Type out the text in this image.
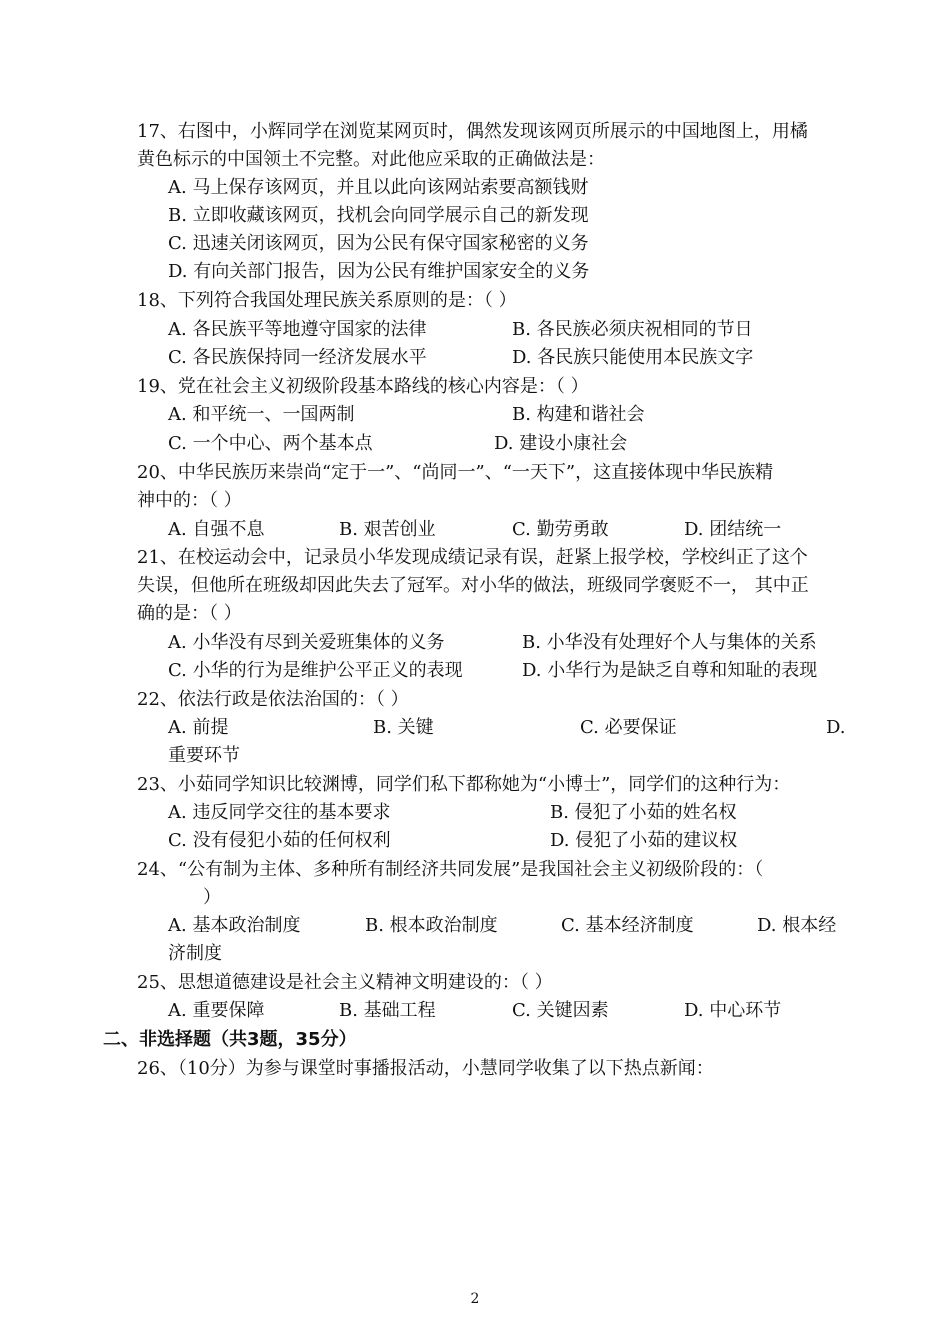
17、右图中，小辉同学在浏览某网页时，偶然发现该网页所展示的中国地图上，用橘
黄色标示的中国领土不完整。对此他应采取的正确做法是：
A. 马上保存该网页，并且以此向该网站索要高额钱财
B. 立即收藏该网页，找机会向同学展示自己的新发现
C. 迅速关闭该网页，因为公民有保守国家秘密的义务
D. 有向关部门报告，因为公民有维护国家安全的义务
18、下列符合我国处理民族关系原则的是：（ ）
A. 各民族平等地遵守国家的法律	B. 各民族必须庆祝相同的节日
C. 各民族保持同一经济发展水平	D. 各民族只能使用本民族文字
19、党在社会主义初级阶段基本路线的核心内容是：（ ）
A. 和平统一、一国两制	B. 构建和谐社会
C. 一个中心、两个基本点	D. 建设小康社会
20、中华民族历来崇尚“定于一”、“尚同一”、“一天下”，这直接体现中华民族精
神中的：（ ）
A. 自强不息	B. 艰苦创业	C. 勤劳勇敢	D. 团结统一
21、在校运动会中，记录员小华发现成绩记录有误，赶紧上报学校，学校纠正了这个
失误，但他所在班级却因此失去了冠军。对小华的做法，班级同学褒贬不一， 其中正
确的是：（ ）
A. 小华没有尽到关爱班集体的义务	B. 小华没有处理好个人与集体的关系
C. 小华的行为是维护公平正义的表现	D. 小华行为是缺乏自尊和知耻的表现
22、依法行政是依法治国的：（ ）
A. 前提	B. 关键	C. 必要保证	D.
重要环节
23、小茹同学知识比较渊博，同学们私下都称她为“小博士”，同学们的这种行为：
A. 违反同学交往的基本要求	B. 侵犯了小茹的姓名权
C. 没有侵犯小茹的任何权利	D. 侵犯了小茹的建议权
24、“公有制为主体、多种所有制经济共同发展”是我国社会主义初级阶段的：（
）
A. 基本政治制度	B. 根本政治制度	C. 基本经济制度	D. 根本经
济制度
25、思想道德建设是社会主义精神文明建设的：（ ）
A. 重要保障	B. 基础工程	C. 关键因素	D. 中心环节
二、非选择题（共3题，35分）
26、（10分）为参与课堂时事播报活动，小慧同学收集了以下热点新闻：
2
